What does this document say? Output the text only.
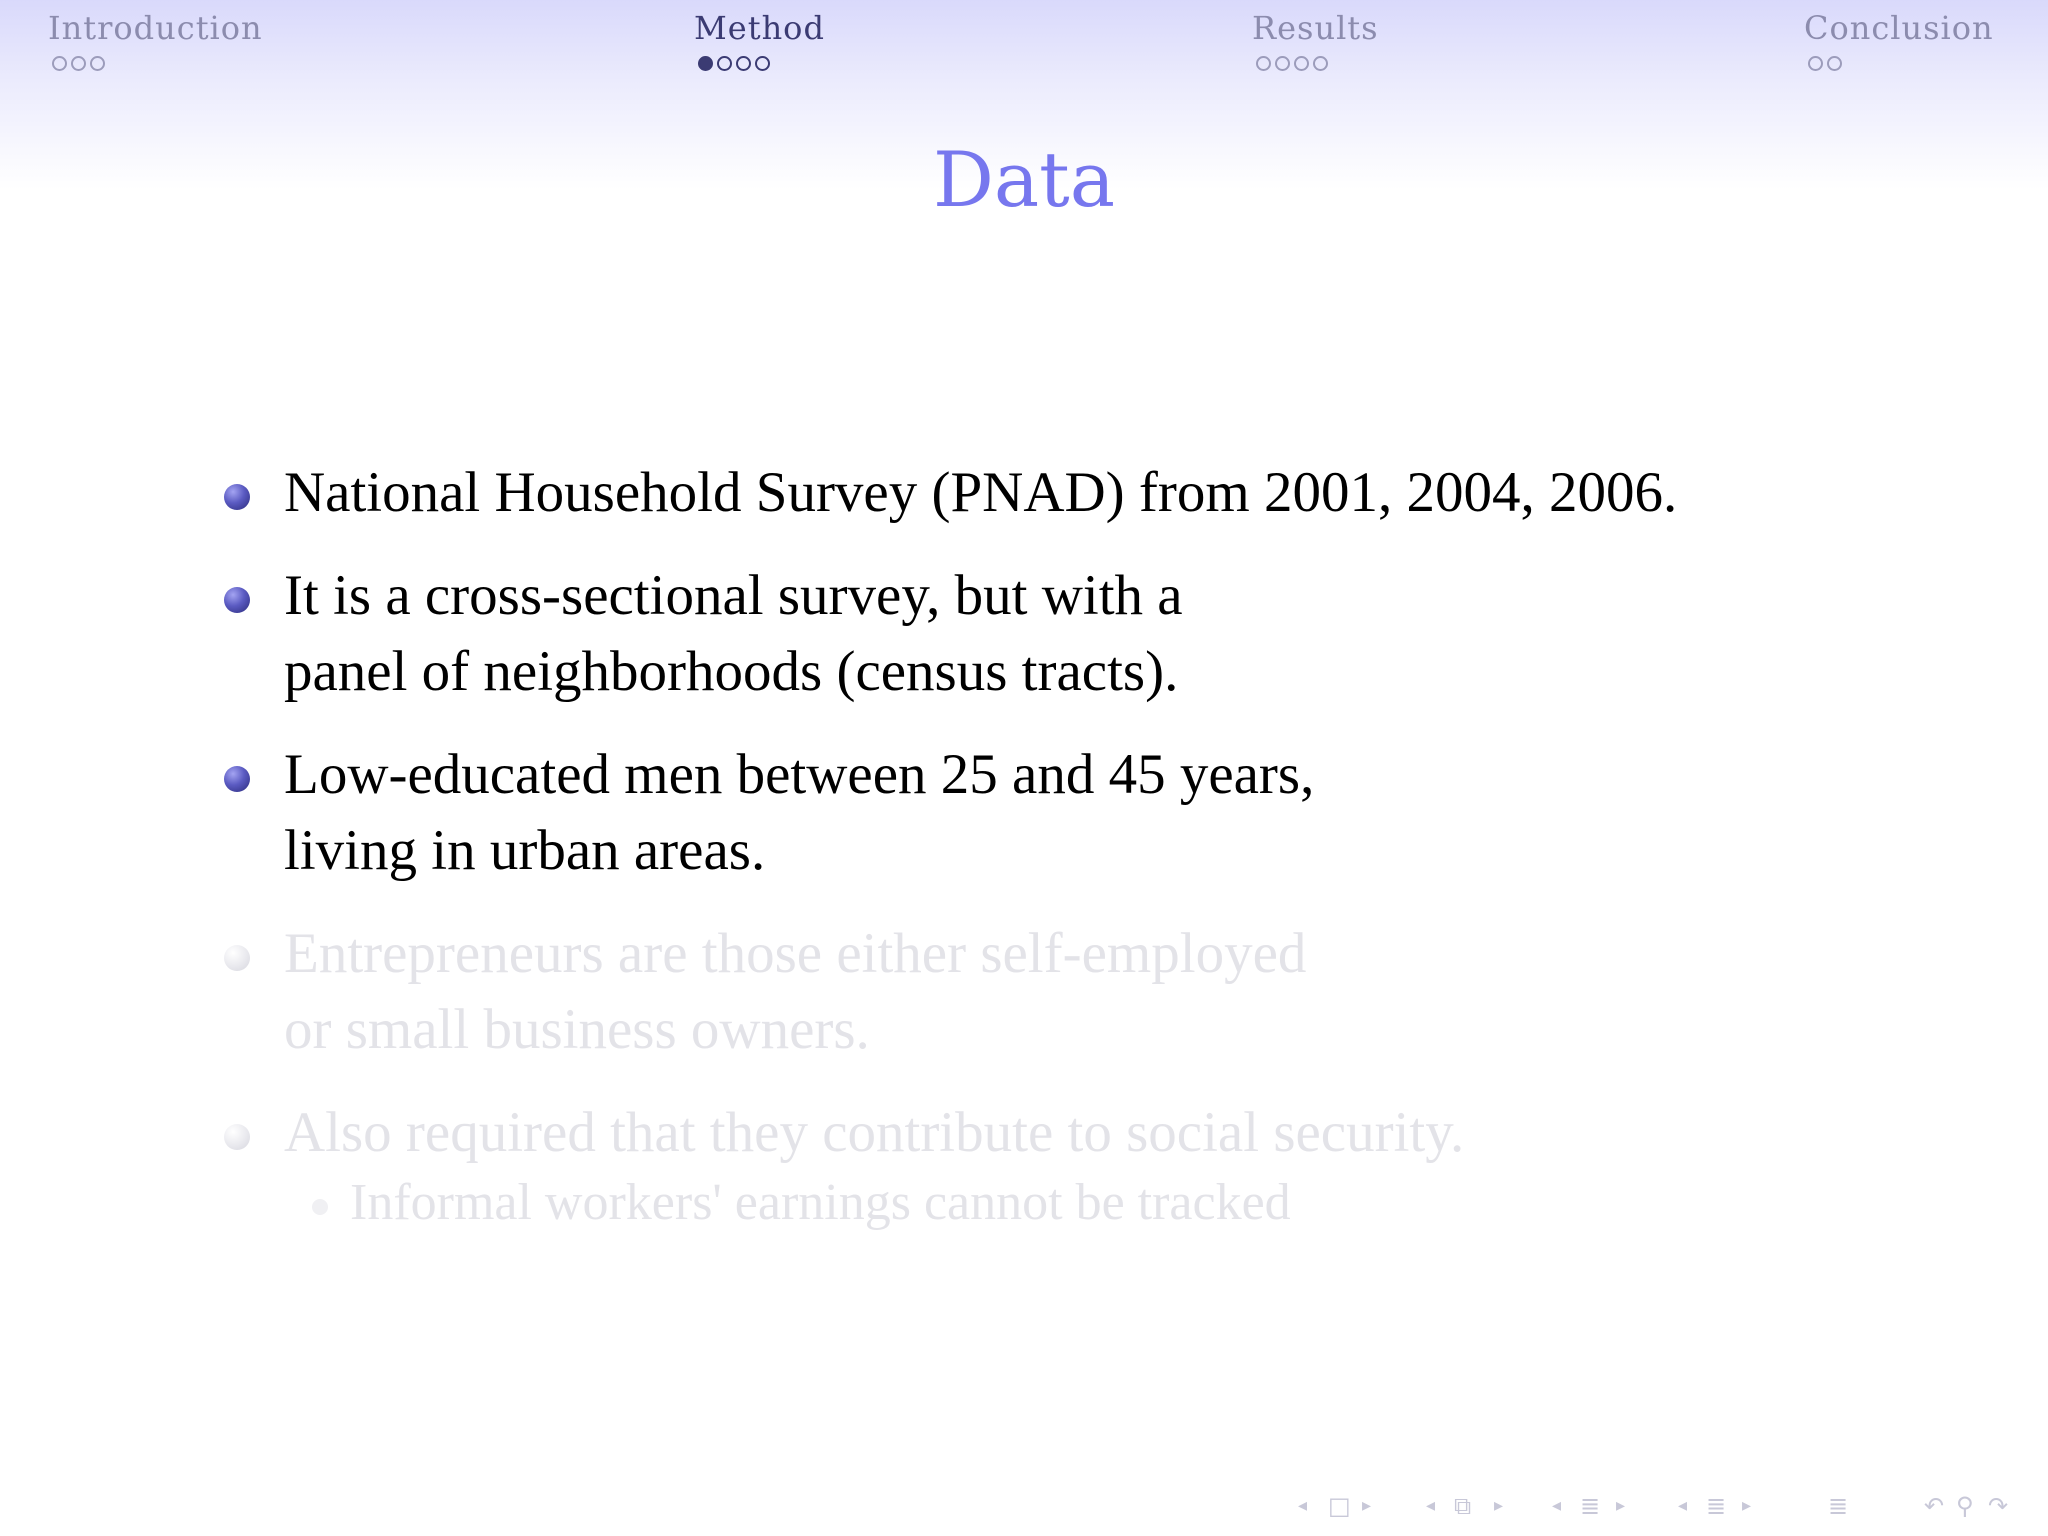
Introduction	Method	Results	Conclusion
Data
National Household Survey (PNAD) from 2001, 2004, 2006.
It is a cross-sectional survey, but with a
panel of neighborhoods (census tracts).
Low-educated men between 25 and 45 years,
living in urban areas.
Entrepreneurs are those either self-employed
or small business owners.
Also required that they contribute to social security.
Informal workers' earnings cannot be tracked
◂ □ ▸	◂ ⧉ ▸	◂ ≣ ▸	◂ ≣ ▸	≣	↶ ⚲ ↷
